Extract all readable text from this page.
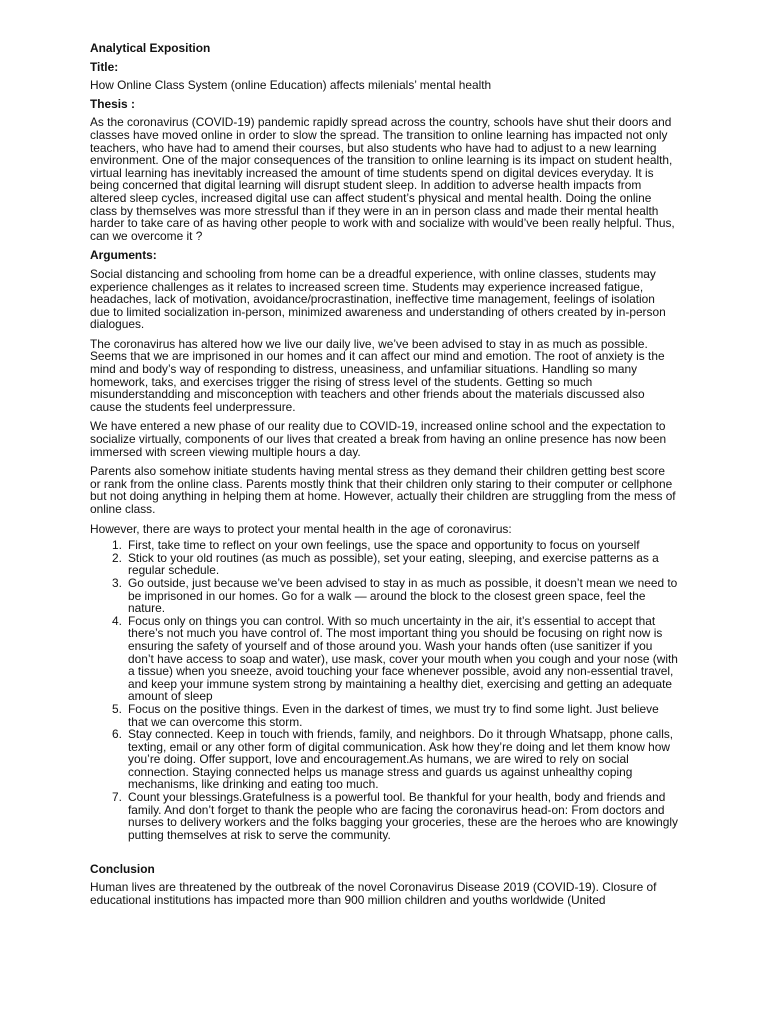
Analytical Exposition
Title:
How Online Class System (online Education) affects milenials’ mental health
Thesis :

As the coronavirus (COVID-19) pandemic rapidly spread across the country, schools have shut their doors and classes have moved online in order to slow the spread. The transition to online learning has impacted not only teachers, who have had to amend their courses, but also students who have had to adjust to a new learning environment. One of the major consequences of the transition to online learning is its impact on student health, virtual learning has inevitably increased the amount of time students spend on digital devices everyday. It is being concerned that digital learning will disrupt student sleep. In addition to adverse health impacts from altered sleep cycles, increased digital use can affect student’s physical and mental health. Doing the online class by themselves was more stressful than if they were in an in person class and made their mental health harder to take care of as having other people to work with and socialize with would’ve been really helpful. Thus, can we overcome it ?

Arguments:

Social distancing and schooling from home can be a dreadful experience, with online classes, students may experience challenges as it relates to increased screen time. Students may experience increased fatigue, headaches, lack of motivation, avoidance/procrastination, ineffective time management, feelings of isolation due to limited socialization in-person, minimized awareness and understanding of others created by in-person dialogues.

The coronavirus has altered how we live our daily live, we’ve been advised to stay in as much as possible. Seems that we are imprisoned in our homes and it can affect our mind and emotion. The root of anxiety is the mind and body’s way of responding to distress, uneasiness, and unfamiliar situations. Handling so many homework, taks, and exercises trigger the rising of stress level of the students. Getting so much misunderstandding and misconception with teachers and other friends about the materials discussed also cause the students feel underpressure.

We have entered a new phase of our reality due to COVID-19, increased online school and the expectation to socialize virtually, components of our lives that created a break from having an online presence has now been immersed with screen viewing multiple hours a day.

Parents also somehow initiate students having mental stress as they demand their children getting best score or rank from the online class. Parents mostly think that their children only staring to their computer or cellphone but not doing anything in helping them at home. However, actually their children are struggling from the mess of online class.

However, there are ways to protect your mental health in the age of coronavirus:

1. First, take time to reflect on your own feelings, use the space and opportunity to focus on yourself
2. Stick to your old routines (as much as possible), set your eating, sleeping, and exercise patterns as a regular schedule.
3. Go outside, just because we’ve been advised to stay in as much as possible, it doesn’t mean we need to be imprisoned in our homes. Go for a walk — around the block to the closest green space, feel the nature.
4. Focus only on things you can control. With so much uncertainty in the air, it’s essential to accept that there’s not much you have control of. The most important thing you should be focusing on right now is ensuring the safety of yourself and of those around you. Wash your hands often (use sanitizer if you don’t have access to soap and water), use mask, cover your mouth when you cough and your nose (with a tissue) when you sneeze, avoid touching your face whenever possible, avoid any non-essential travel, and keep your immune system strong by maintaining a healthy diet, exercising and getting an adequate amount of sleep
5. Focus on the positive things. Even in the darkest of times, we must try to find some light. Just believe that we can overcome this storm.
6. Stay connected. Keep in touch with friends, family, and neighbors. Do it through Whatsapp, phone calls, texting, email or any other form of digital communication. Ask how they’re doing and let them know how you’re doing. Offer support, love and encouragement.As humans, we are wired to rely on social connection. Staying connected helps us manage stress and guards us against unhealthy coping mechanisms, like drinking and eating too much.
7. Count your blessings.Gratefulness is a powerful tool. Be thankful for your health, body and friends and family. And don’t forget to thank the people who are facing the coronavirus head-on: From doctors and nurses to delivery workers and the folks bagging your groceries, these are the heroes who are knowingly putting themselves at risk to serve the community.
Conclusion

Human lives are threatened by the outbreak of the novel Coronavirus Disease 2019 (COVID-19). Closure of educational institutions has impacted more than 900 million children and youths worldwide (United
